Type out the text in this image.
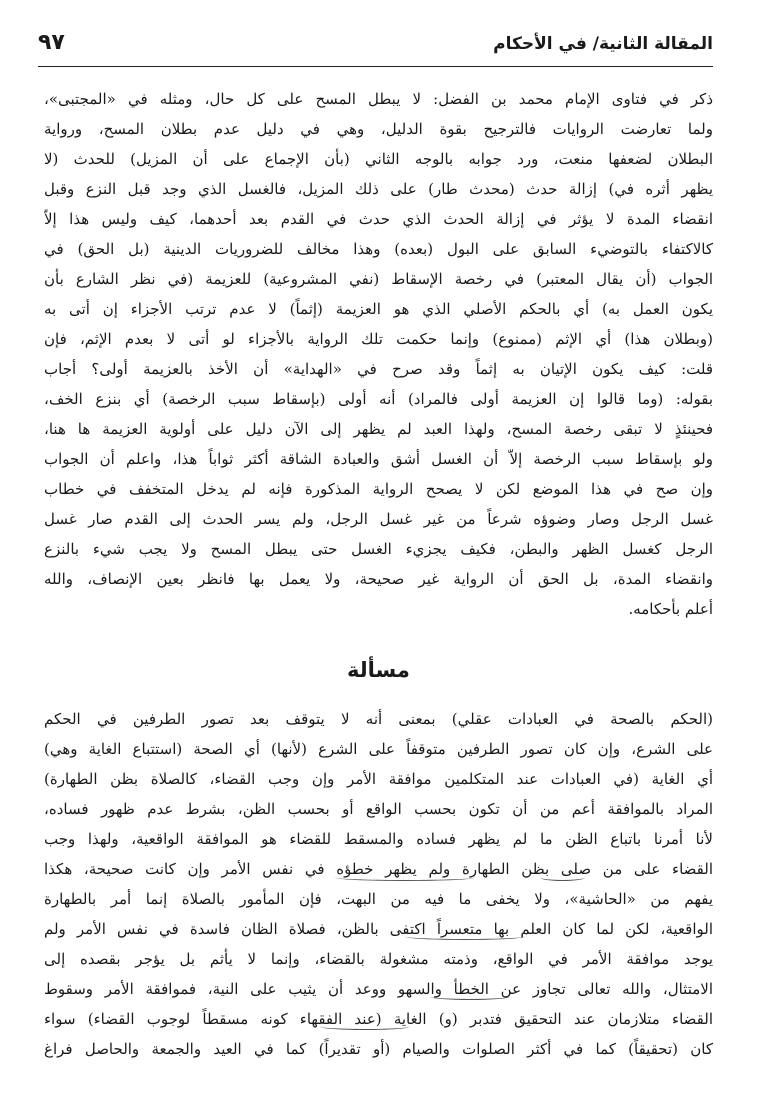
المقالة الثانية/ في الأحكام
٩٧
ذكر في فتاوى الإمام محمد بن الفضل: لا يبطل المسح على كل حال، ومثله في «المجتبى»،
ولما تعارضت الروايات فالترجيح بقوة الدليل، وهي في دليل عدم بطلان المسح، ورواية
البطلان لضعفها منعت، ورد جوابه بالوجه الثاني (بأن الإجماع على أن المزيل) للحدث (لا
يظهر أثره في) إزالة حدث (محدث طار) على ذلك المزيل، فالغسل الذي وجد قبل النزع وقبل
انقضاء المدة لا يؤثر في إزالة الحدث الذي حدث في القدم بعد أحدهما، كيف وليس هذا إلاّ
كالاكتفاء بالتوضيء السابق على البول (بعده) وهذا مخالف للضروريات الدينية (بل الحق) في
الجواب (أن يقال المعتبر) في رخصة الإسقاط (نفي المشروعية) للعزيمة (في نظر الشارع بأن
يكون العمل به) أي بالحكم الأصلي الذي هو العزيمة (إثماً) لا عدم ترتب الأجزاء إن أتى به
(وبطلان هذا) أي الإثم (ممنوع) وإنما حكمت تلك الرواية بالأجزاء لو أتى لا بعدم الإثم، فإن
قلت: كيف يكون الإتيان به إثماً وقد صرح في «الهداية» أن الأخذ بالعزيمة أولى؟ أجاب
بقوله: (وما قالوا إن العزيمة أولى فالمراد) أنه أولى (بإسقاط سبب الرخصة) أي بنزع الخف،
فحينئذٍ لا تبقى رخصة المسح، ولهذا العبد لم يظهر إلى الآن دليل على أولوية العزيمة ها هنا،
ولو بإسقاط سبب الرخصة إلاّ أن الغسل أشق والعبادة الشاقة أكثر ثواباً هذا، واعلم أن الجواب
وإن صح في هذا الموضع لكن لا يصحح الرواية المذكورة فإنه لم يدخل المتخفف في خطاب
غسل الرجل وصار وضوؤه شرعاً من غير غسل الرجل، ولم يسر الحدث إلى القدم صار غسل
الرجل كغسل الظهر والبطن، فكيف يجزيء الغسل حتى يبطل المسح ولا يجب شيء بالنزع
وانقضاء المدة، بل الحق أن الرواية غير صحيحة، ولا يعمل بها فانظر بعين الإنصاف، والله
أعلم بأحكامه.
مسألة
(الحكم بالصحة في العبادات عقلي) بمعنى أنه لا يتوقف بعد تصور الطرفين في الحكم
على الشرع، وإن كان تصور الطرفين متوقفاً على الشرع (لأنها) أي الصحة (استتباع الغاية وهي)
أي الغاية (في العبادات عند المتكلمين موافقة الأمر وإن وجب القضاء، كالصلاة بظن الطهارة)
المراد بالموافقة أعم من أن تكون بحسب الواقع أو بحسب الظن، بشرط عدم ظهور فساده،
لأنا أمرنا باتباع الظن ما لم يظهر فساده والمسقط للقضاء هو الموافقة الواقعية، ولهذا وجب
القضاء على من صلى بظن الطهارة ولم يظهر خطؤه في نفس الأمر وإن كانت صحيحة، هكذا
يفهم من «الحاشية»، ولا يخفى ما فيه من البهت، فإن المأمور بالصلاة إنما أمر بالطهارة
الواقعية، لكن لما كان العلم بها متعسراً اكتفى بالظن، فصلاة الظان فاسدة في نفس الأمر ولم
يوجد موافقة الأمر في الواقع، وذمته مشغولة بالقضاء، وإنما لا يأثم بل يؤجر بقصده إلى
الامتثال، والله تعالى تجاوز عن الخطأ والسهو ووعد أن يثيب على النية، فموافقة الأمر وسقوط
القضاء متلازمان عند التحقيق فتدبر (و) الغاية (عند الفقهاء كونه مسقطاً لوجوب القضاء) سواء
كان (تحقيقاً) كما في أكثر الصلوات والصيام (أو تقديراً) كما في العيد والجمعة والحاصل فراغ
